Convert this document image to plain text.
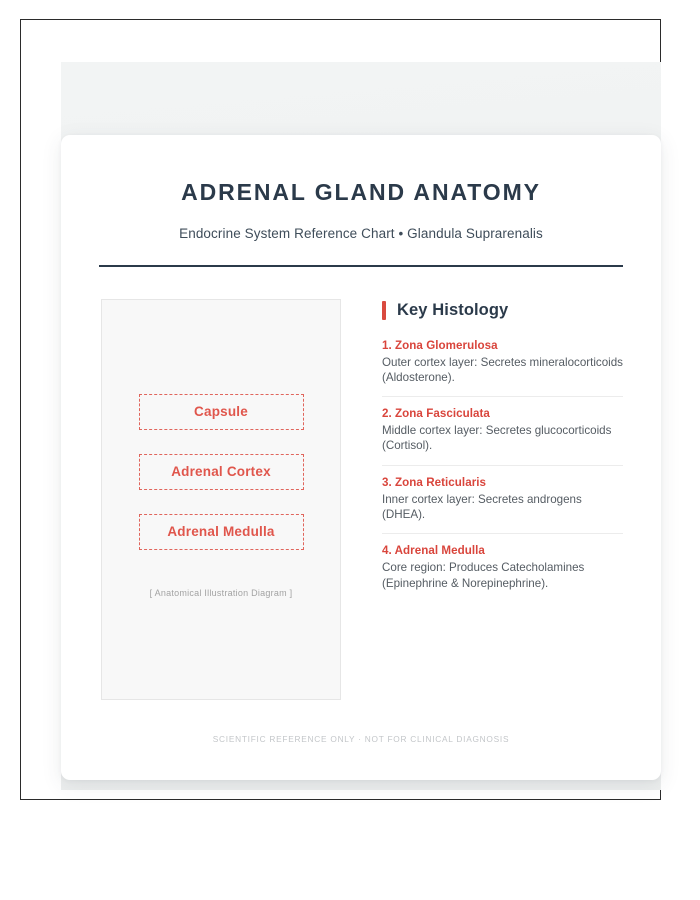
ADRENAL GLAND ANATOMY

Endocrine System Reference Chart • Glandula Suprarenalis

Capsule
Adrenal Cortex
Adrenal Medulla
[ Anatomical Illustration Diagram ]
Key Histology
1. Zona Glomerulosa
Outer cortex layer: Secretes mineralocorticoids (Aldosterone).
2. Zona Fasciculata
Middle cortex layer: Secretes glucocorticoids (Cortisol).
3. Zona Reticularis
Inner cortex layer: Secretes androgens (DHEA).
4. Adrenal Medulla
Core region: Produces Catecholamines (Epinephrine & Norepinephrine).
SCIENTIFIC REFERENCE ONLY · NOT FOR CLINICAL DIAGNOSIS
